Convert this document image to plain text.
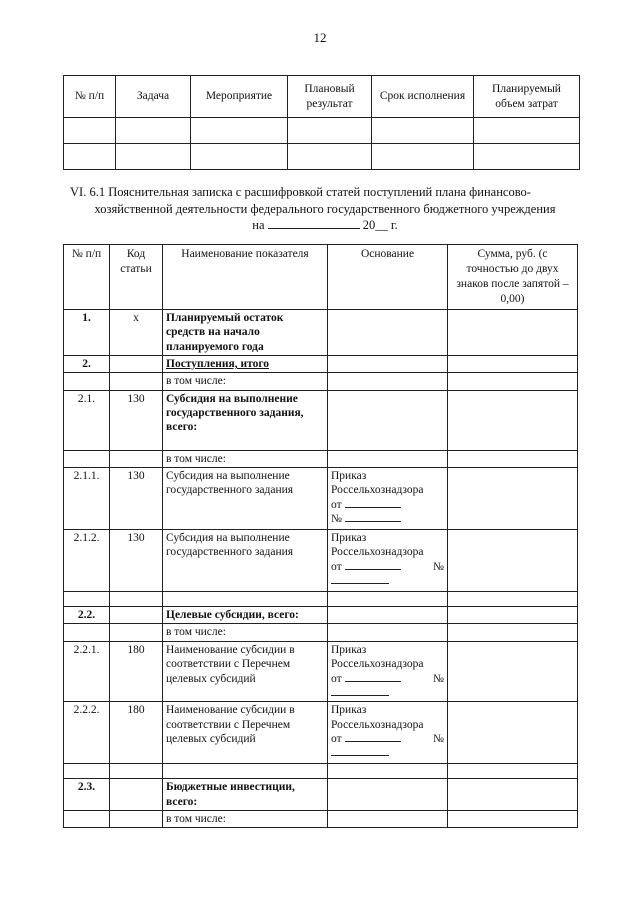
12
№ п/п	Задача	Мероприятие	Плановый результат	Срок исполнения	Планируемый объем затрат

VI. 6.1 Пояснительная записка с расшифровкой статей поступлений плана финансово-
хозяйственной деятельности федерального государственного бюджетного учреждения
на	20__ г.
№ п/п	Код статьи	Наименование показателя	Основание	Сумма, руб. (с точностью до двух знаков после запятой – 0,00)
1.	х	Планируемый остаток средств на начало планируемого года		
2.		Поступления, итого		
		в том числе:		
2.1.	130	Субсидия на выполнение государственного задания, всего:		
		в том числе:		
2.1.1.	130	Субсидия на выполнение государственного задания	Приказ Россельхознадзора
от
№	

2.1.2.	130	Субсидия на выполнение государственного задания	Приказ Россельхознадзора
от №	

2.2.		Целевые субсидии, всего:		
		в том числе:		
2.2.1.	180	Наименование субсидии в соответствии с Перечнем целевых субсидий	Приказ Россельхознадзора
от №	

2.2.2.	180	Наименование субсидии в соответствии с Перечнем целевых субсидий	Приказ Россельхознадзора
от №	

2.3.		Бюджетные инвестиции, всего:		
		в том числе:		
